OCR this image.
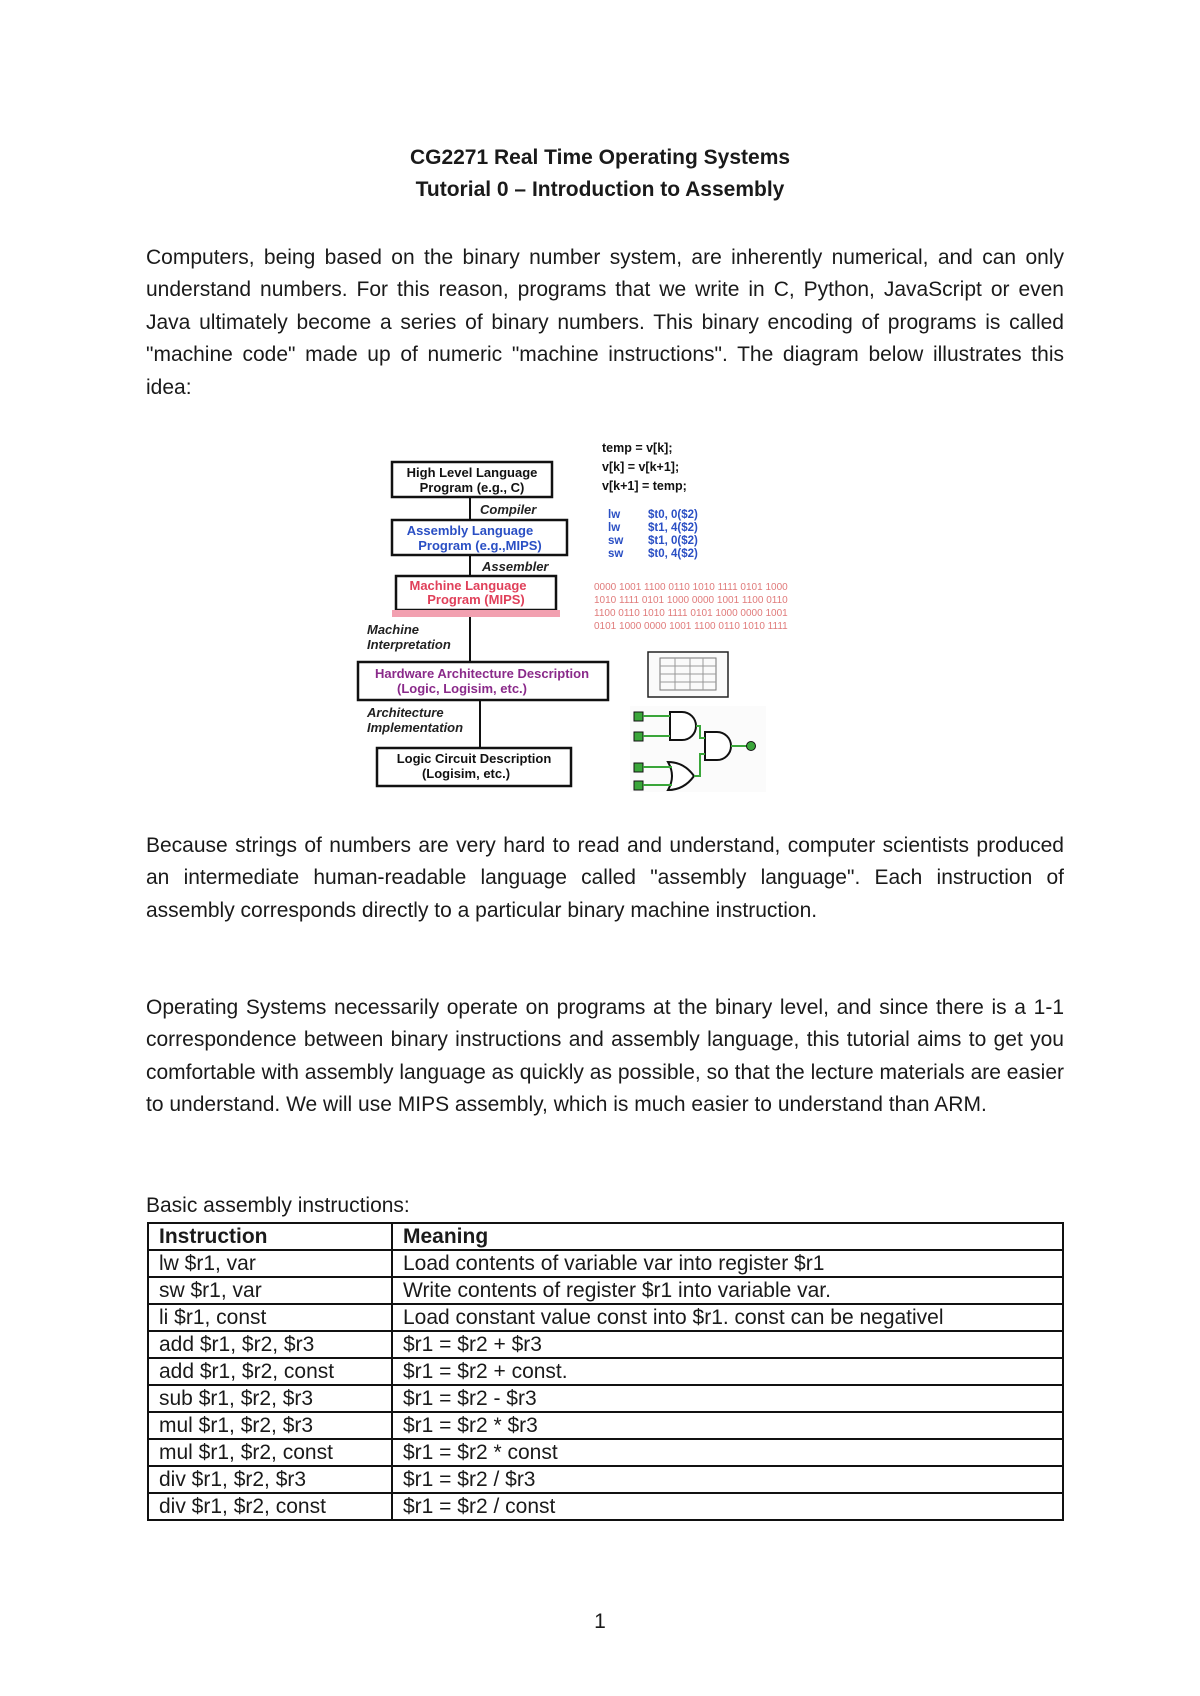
CG2271 Real Time Operating Systems
Tutorial 0 – Introduction to Assembly

Computers, being based on the binary number system, are inherently numerical, and can only understand numbers. For this reason, programs that we write in C, Python, JavaScript or even Java ultimately become a series of binary numbers. This binary encoding of programs is called "machine code" made up of numeric "machine instructions". The diagram below illustrates this idea:

High Level Language
Program (e.g., C)
Compiler
Assembly Language
Program (e.g.,MIPS)
Assembler
Machine Language
Program (MIPS)
Machine
Interpretation
Hardware Architecture Description
(Logic, Logisim, etc.)
Architecture
Implementation
Logic Circuit Description
(Logisim, etc.)
temp = v[k];
v[k] = v[k+1];
v[k+1] = temp;
lw $t0, 0($2)
lw $t1, 4($2)
sw $t1, 0($2)
sw $t0, 4($2)
0000 1001 1100 0110 1010 1111 0101 1000
1010 1111 0101 1000 0000 1001 1100 0110
1100 0110 1010 1111 0101 1000 0000 1001
0101 1000 0000 1001 1100 0110 1010 1111

Because strings of numbers are very hard to read and understand, computer scientists produced an intermediate human-readable language called "assembly language". Each instruction of assembly corresponds directly to a particular binary machine instruction.

Operating Systems necessarily operate on programs at the binary level, and since there is a 1-1 correspondence between binary instructions and assembly language, this tutorial aims to get you comfortable with assembly language as quickly as possible, so that the lecture materials are easier to understand. We will use MIPS assembly, which is much easier to understand than ARM.

Basic assembly instructions:
Instruction	Meaning
lw $r1, var	Load contents of variable var into register $r1
sw $r1, var	Write contents of register $r1 into variable var.
li $r1, const	Load constant value const into $r1. const can be negativel
add $r1, $r2, $r3	$r1 = $r2 + $r3
add $r1, $r2, const	$r1 = $r2 + const.
sub $r1, $r2, $r3	$r1 = $r2 - $r3
mul $r1, $r2, $r3	$r1 = $r2 * $r3
mul $r1, $r2, const	$r1 = $r2 * const
div $r1, $r2, $r3	$r1 = $r2 / $r3
div $r1, $r2, const	$r1 = $r2 / const
1
